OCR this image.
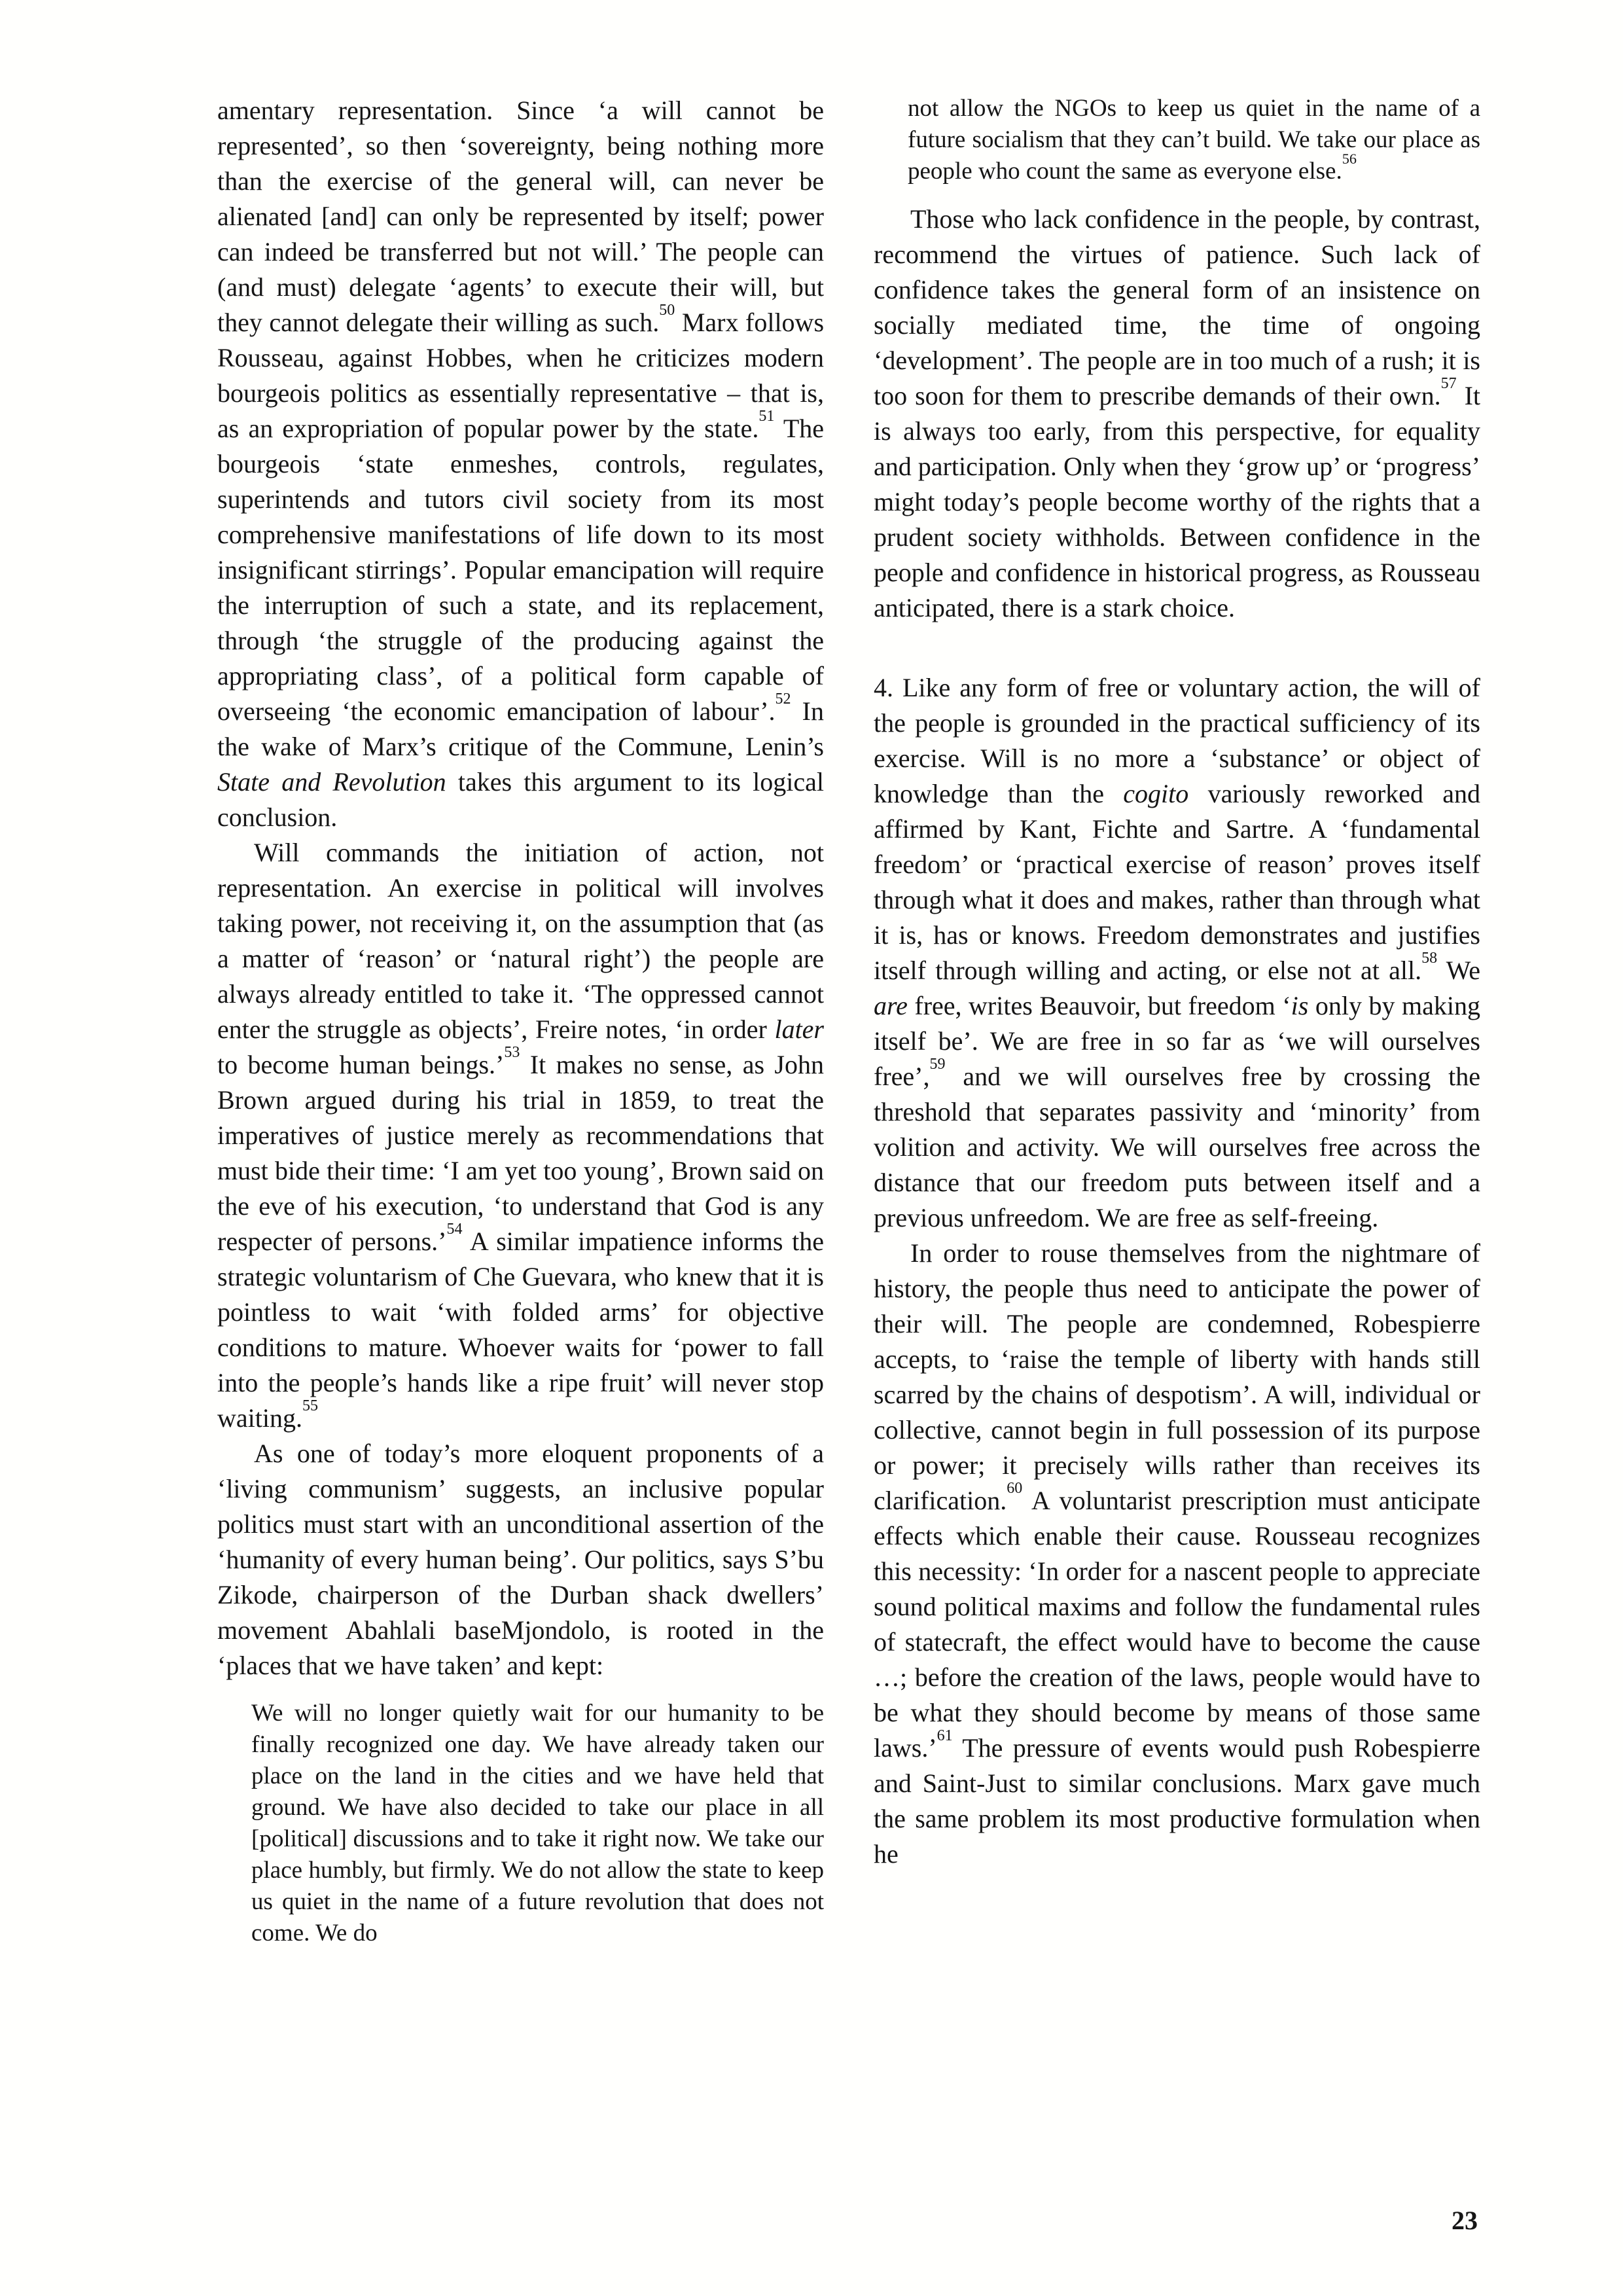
amentary representation. Since ‘a will cannot be represented’, so then ‘sovereignty, being nothing more than the exercise of the general will, can never be alienated [and] can only be represented by itself; power can indeed be transferred but not will.’ The people can (and must) delegate ‘agents’ to execute their will, but they cannot delegate their willing as such.$^{50}$ Marx follows Rousseau, against Hobbes, when he criticizes modern bourgeois politics as essentially representative – that is, as an expropriation of popular power by the state.$^{51}$ The bourgeois ‘state enmeshes, controls, regulates, superintends and tutors civil society from its most comprehensive manifestations of life down to its most insignificant stirrings’. Popular emancipation will require the interruption of such a state, and its replacement, through ‘the struggle of the producing against the appropriating class’, of a political form capable of overseeing ‘the economic emancipation of labour’.$^{52}$ In the wake of Marx’s critique of the Commune, Lenin’s State and Revolution takes this argument to its logical conclusion.

Will commands the initiation of action, not representation. An exercise in political will involves taking power, not receiving it, on the assumption that (as a matter of ‘reason’ or ‘natural right’) the people are always already entitled to take it. ‘The oppressed cannot enter the struggle as objects’, Freire notes, ‘in order later to become human beings.’$^{53}$ It makes no sense, as John Brown argued during his trial in 1859, to treat the imperatives of justice merely as recommendations that must bide their time: ‘I am yet too young’, Brown said on the eve of his execution, ‘to understand that God is any respecter of persons.’$^{54}$ A similar impatience informs the strategic voluntarism of Che Guevara, who knew that it is pointless to wait ‘with folded arms’ for objective conditions to mature. Whoever waits for ‘power to fall into the people’s hands like a ripe fruit’ will never stop waiting.$^{55}$

As one of today’s more eloquent proponents of a ‘living communism’ suggests, an inclusive popular politics must start with an unconditional assertion of the ‘humanity of every human being’. Our politics, says S’bu Zikode, chairperson of the Durban shack dwellers’ movement Abahlali baseMjondolo, is rooted in the ‘places that we have taken’ and kept:

We will no longer quietly wait for our humanity to be finally recognized one day. We have already taken our place on the land in the cities and we have held that ground. We have also decided to take our place in all [political] discussions and to take it right now. We take our place humbly, but firmly. We do not allow the state to keep us quiet in the name of a future revolution that does not come. We do

not allow the NGOs to keep us quiet in the name of a future socialism that they can’t build. We take our place as people who count the same as everyone else.$^{56}$

Those who lack confidence in the people, by contrast, recommend the virtues of patience. Such lack of confidence takes the general form of an insistence on socially mediated time, the time of ongoing ‘development’. The people are in too much of a rush; it is too soon for them to prescribe demands of their own.$^{57}$ It is always too early, from this perspective, for equality and participation. Only when they ‘grow up’ or ‘progress’ might today’s people become worthy of the rights that a prudent society withholds. Between confidence in the people and confidence in historical progress, as Rousseau anticipated, there is a stark choice.

4. Like any form of free or voluntary action, the will of the people is grounded in the practical sufficiency of its exercise. Will is no more a ‘substance’ or object of knowledge than the cogito variously reworked and affirmed by Kant, Fichte and Sartre. A ‘fundamental freedom’ or ‘practical exercise of reason’ proves itself through what it does and makes, rather than through what it is, has or knows. Freedom demonstrates and justifies itself through willing and acting, or else not at all.$^{58}$ We are free, writes Beauvoir, but freedom ‘is only by making itself be’. We are free in so far as ‘we will ourselves free’,$^{59}$ and we will ourselves free by crossing the threshold that separates passivity and ‘minority’ from volition and activity. We will ourselves free across the distance that our freedom puts between itself and a previous unfreedom. We are free as self-freeing.

In order to rouse themselves from the nightmare of history, the people thus need to anticipate the power of their will. The people are condemned, Robespierre accepts, to ‘raise the temple of liberty with hands still scarred by the chains of despotism’. A will, individual or collective, cannot begin in full possession of its purpose or power; it precisely wills rather than receives its clarification.$^{60}$ A voluntarist prescription must anticipate effects which enable their cause. Rousseau recognizes this necessity: ‘In order for a nascent people to appreciate sound political maxims and follow the fundamental rules of statecraft, the effect would have to become the cause …; before the creation of the laws, people would have to be what they should become by means of those same laws.’$^{61}$ The pressure of events would push Robespierre and Saint-Just to similar conclusions. Marx gave much the same problem its most productive formulation when he

23
